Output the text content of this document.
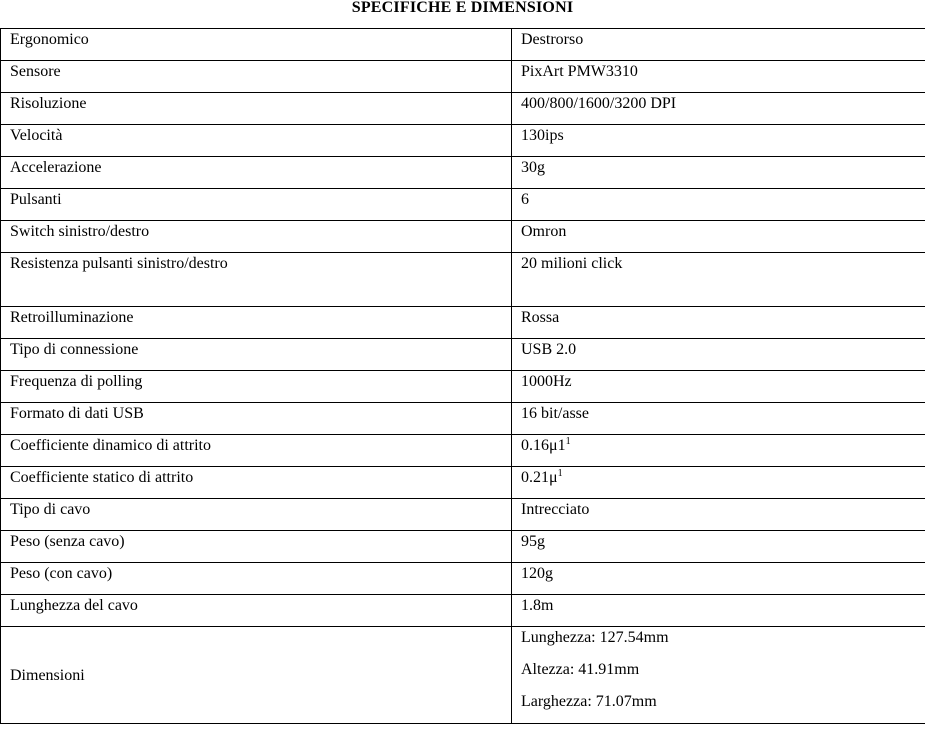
SPECIFICHE E DIMENSIONI
Ergonomico	Destrorso

Sensore	PixArt PMW3310

Risoluzione	400/800/1600/3200 DPI

Velocità	130ips

Accelerazione	30g

Pulsanti	6

Switch sinistro/destro	Omron

Resistenza pulsanti sinistro/destro	20 milioni click

Retroilluminazione	Rossa

Tipo di connessione	USB 2.0

Frequenza di polling	1000Hz

Formato di dati USB	16 bit/asse

Coefficiente dinamico di attrito	$0.16\mu 1^1$

Coefficiente statico di attrito	$0.21\mu^1$

Tipo di cavo	Intrecciato

Peso (senza cavo)	95g

Peso (con cavo)	120g

Lunghezza del cavo	1.8m

Dimensioni	Lunghezza: 127.54mm
Altezza: 41.91mm
Larghezza: 71.07mm
